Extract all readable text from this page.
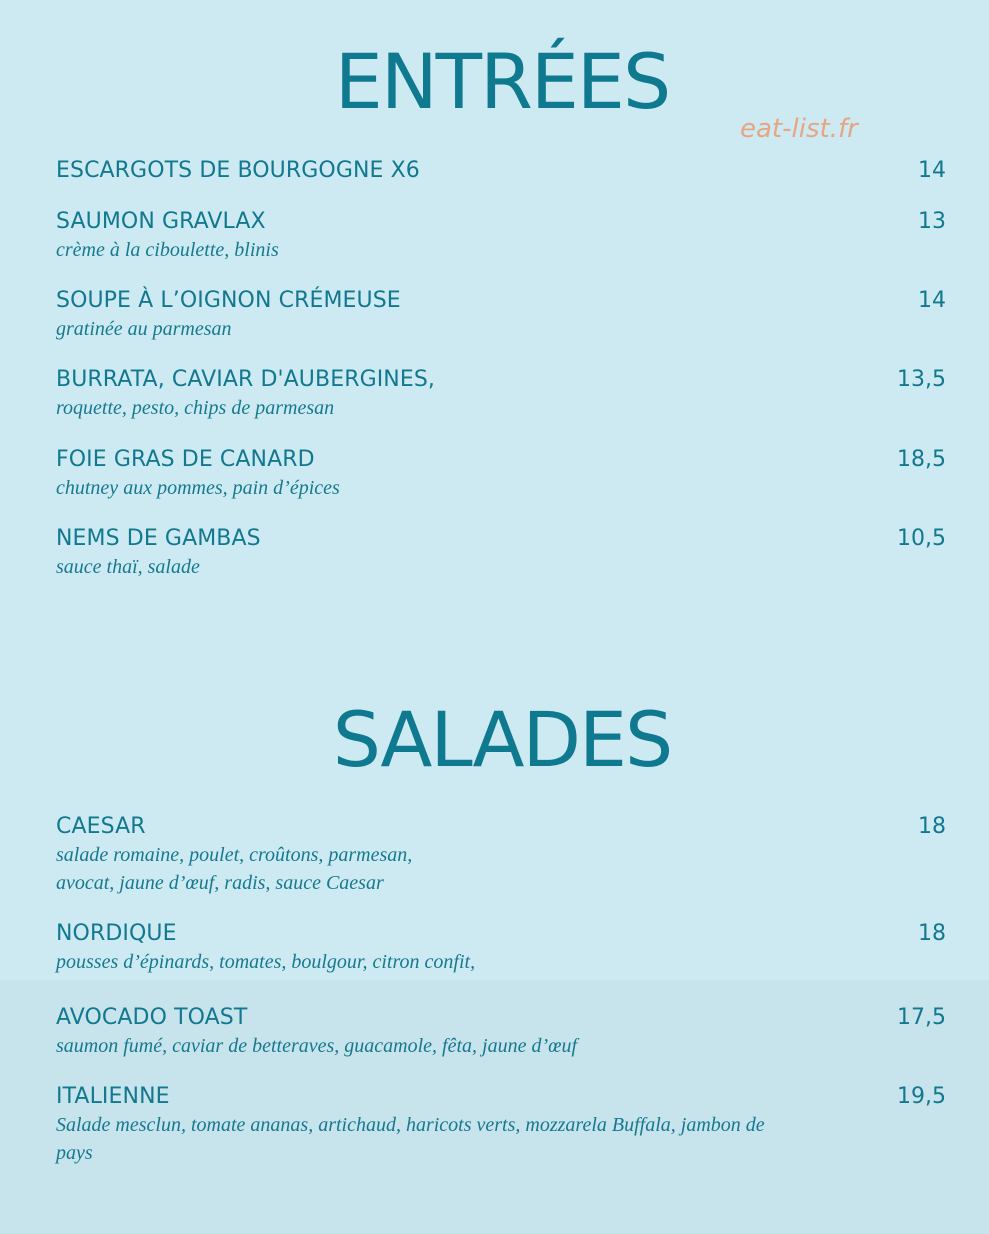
ENTRÉES
eat-list.fr
ESCARGOTS DE BOURGOGNE X6	14
SAUMON GRAVLAX	13
crème à la ciboulette, blinis
SOUPE À L’OIGNON CRÉMEUSE	14
gratinée au parmesan
BURRATA, CAVIAR D'AUBERGINES,	13,5
roquette, pesto, chips de parmesan
FOIE GRAS DE CANARD	18,5
chutney aux pommes, pain d’épices
NEMS DE GAMBAS	10,5
sauce thaï, salade
SALADES
CAESAR	18
salade romaine, poulet, croûtons, parmesan,
avocat, jaune d’œuf, radis, sauce Caesar
NORDIQUE	18
pousses d’épinards, tomates, boulgour, citron confit,
AVOCADO TOAST	17,5
saumon fumé, caviar de betteraves, guacamole, fêta, jaune d’œuf
ITALIENNE	19,5
Salade mesclun, tomate ananas, artichaud, haricots verts, mozzarela Buffala, jambon de
pays
